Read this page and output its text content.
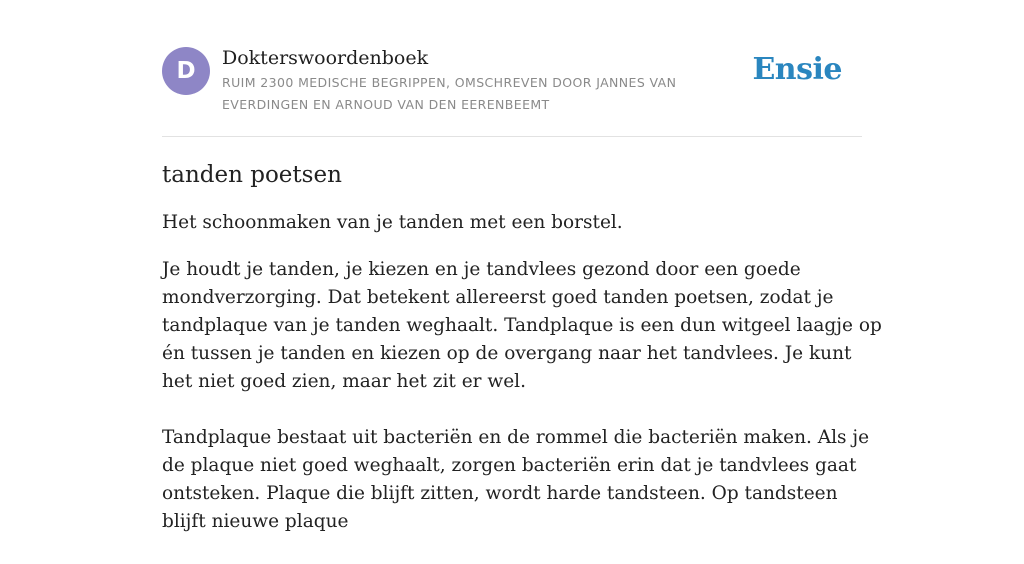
D	Dokterswoordenboek
RUIM 2300 MEDISCHE BEGRIPPEN, OMSCHREVEN DOOR JANNES VAN EVERDINGEN EN ARNOUD VAN DEN EERENBEEMT
Ensie
tanden poetsen

Het schoonmaken van je tanden met een borstel.

Je houdt je tanden, je kiezen en je tandvlees gezond door een goede mondverzorging. Dat betekent allereerst goed tanden poetsen, zodat je tandplaque van je tanden weghaalt. Tandplaque is een dun witgeel laagje op én tussen je tanden en kiezen op de overgang naar het tandvlees. Je kunt het niet goed zien, maar het zit er wel.

Tandplaque bestaat uit bacteriën en de rommel die bacteriën maken. Als je de plaque niet goed weghaalt, zorgen bacteriën erin dat je tandvlees gaat ontsteken. Plaque die blijft zitten, wordt harde tandsteen. Op tandsteen blijft nieuwe plaque
